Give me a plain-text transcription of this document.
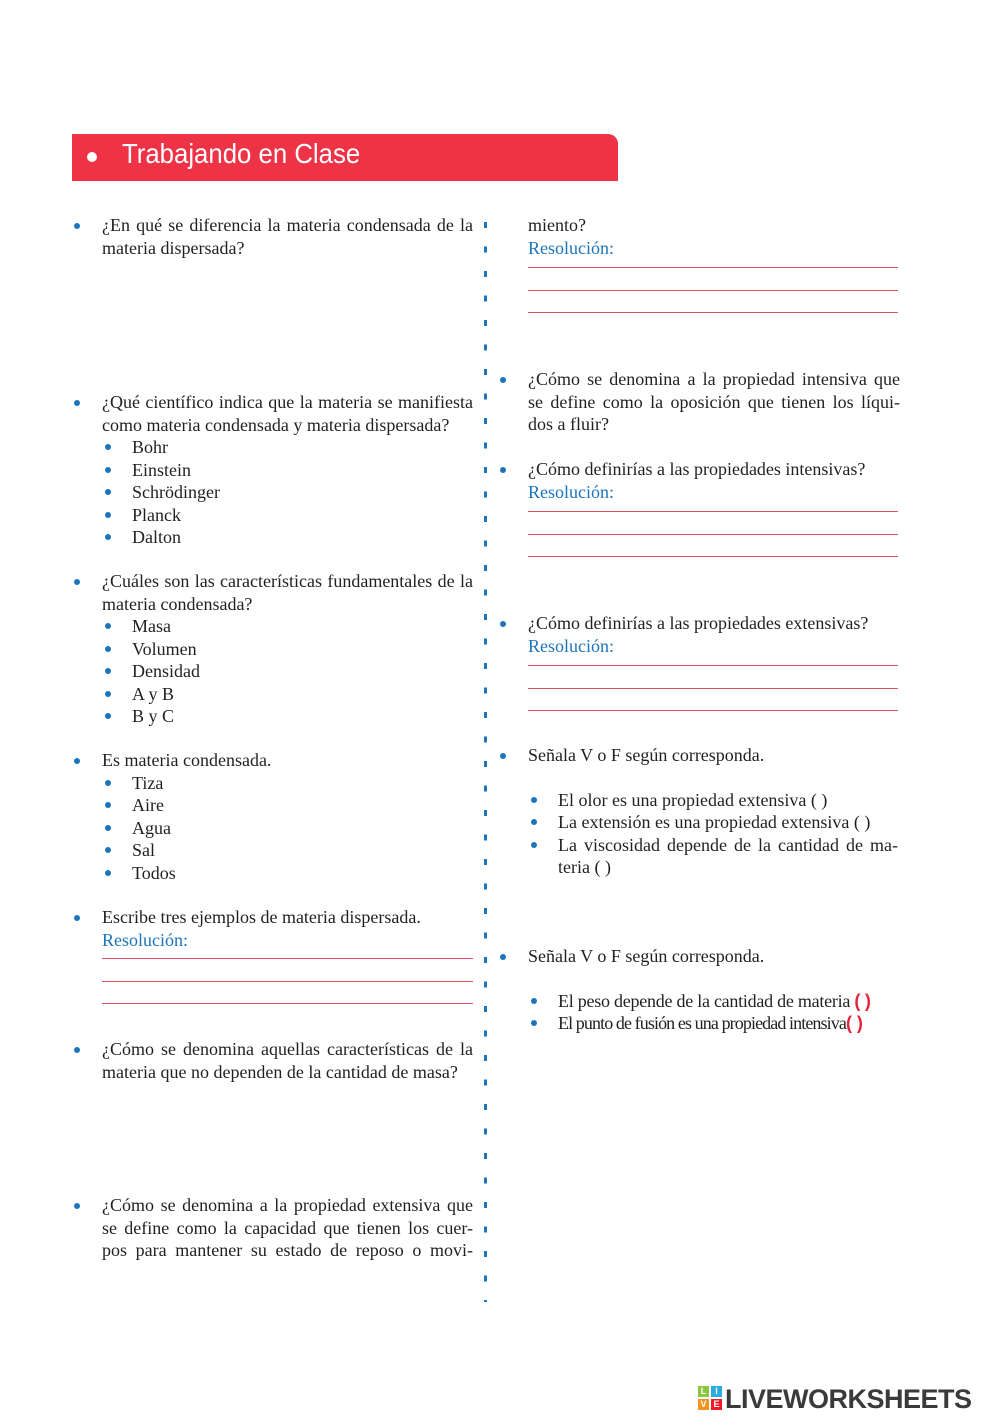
Trabajando en Clase
¿En qué se diferencia la materia condensada de la materia dispersada?
¿Qué científico indica que la materia se manifiesta como materia condensada y materia dispersada?
Bohr
Einstein
Schrödinger
Planck
Dalton
¿Cuáles son las características fundamentales de la materia condensada?
Masa
Volumen
Densidad
A y B
B y C
Es materia condensada.
Tiza
Aire
Agua
Sal
Todos
Escribe tres ejemplos de materia dispersada.
Resolución:
¿Cómo se denomina aquellas características de la materia que no dependen de la cantidad de masa?
¿Cómo se denomina a la propiedad extensiva que
se define como la capacidad que tienen los cuer-
pos para mantener su estado de reposo o movi-
miento?
Resolución:
¿Cómo se denomina a la propiedad intensiva que
se define como la oposición que tienen los líqui-
dos a fluir?
¿Cómo definirías a las propiedades intensivas?
Resolución:
¿Cómo definirías a las propiedades extensivas?
Resolución:
Señala V o F según corresponda.
El olor es una propiedad extensiva ( )
La extensión es una propiedad extensiva ( )
La viscosidad depende de la cantidad de ma-
teria ( )
Señala V o F según corresponda.
El peso depende de la cantidad de materia ( )
El punto de fusión es una propiedad intensiva( )
L I
V E LIVEWORKSHEETS
